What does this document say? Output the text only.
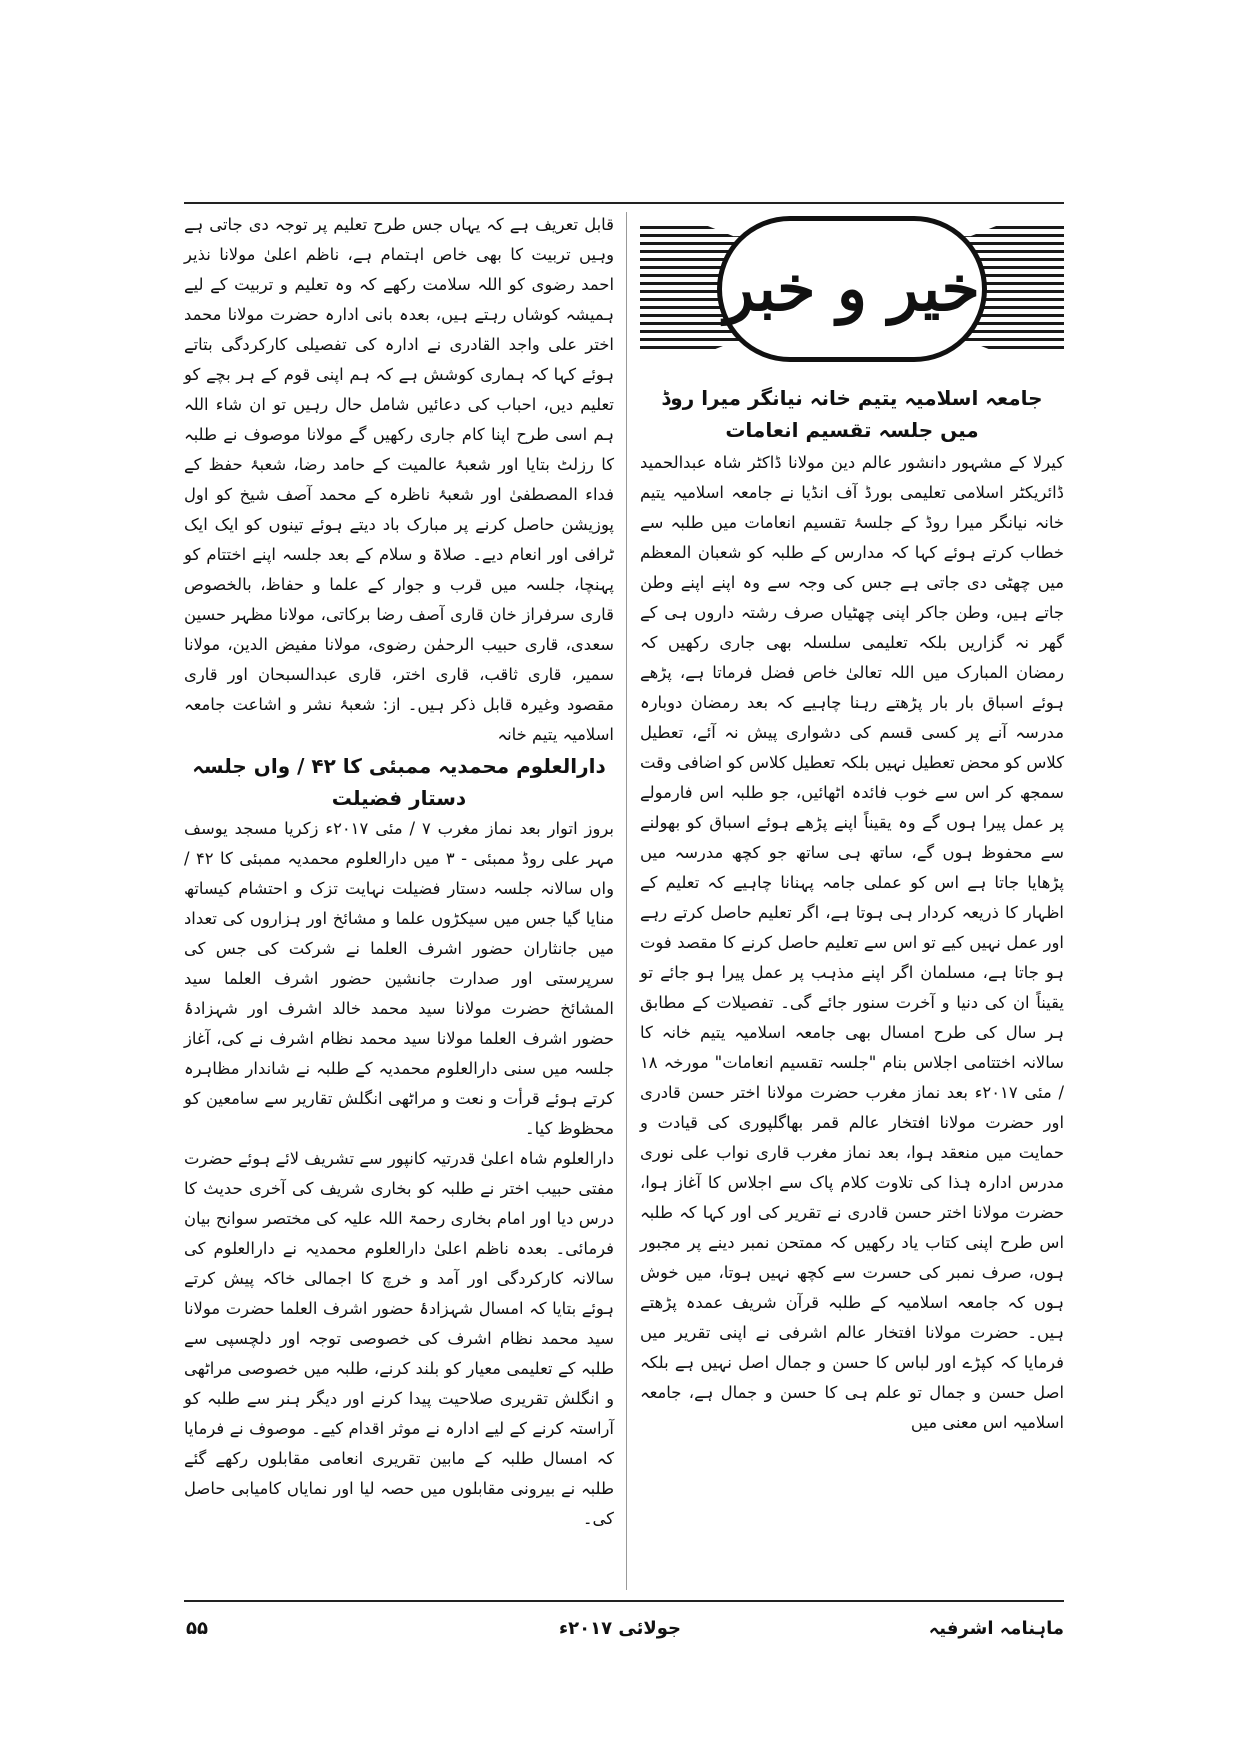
خیر و خبر
جامعہ اسلامیہ یتیم خانہ نیانگر میرا روڈ میں جلسہ تقسیم انعامات

کیرلا کے مشہور دانشور عالم دین مولانا ڈاکٹر شاہ عبدالحمید ڈائریکٹر اسلامی تعلیمی بورڈ آف انڈیا نے جامعہ اسلامیہ یتیم خانہ نیانگر میرا روڈ کے جلسۂ تقسیم انعامات میں طلبہ سے خطاب کرتے ہوئے کہا کہ مدارس کے طلبہ کو شعبان المعظم میں چھٹی دی جاتی ہے جس کی وجہ سے وہ اپنے اپنے وطن جاتے ہیں، وطن جاکر اپنی چھٹیاں صرف رشتہ داروں ہی کے گھر نہ گزاریں بلکہ تعلیمی سلسلہ بھی جاری رکھیں کہ رمضان المبارک میں اللہ تعالیٰ خاص فضل فرماتا ہے، پڑھے ہوئے اسباق بار بار پڑھتے رہنا چاہیے کہ بعد رمضان دوبارہ مدرسہ آنے پر کسی قسم کی دشواری پیش نہ آئے، تعطیل کلاس کو محض تعطیل نہیں بلکہ تعطیل کلاس کو اضافی وقت سمجھ کر اس سے خوب فائدہ اٹھائیں، جو طلبہ اس فارمولے پر عمل پیرا ہوں گے وہ یقیناً اپنے پڑھے ہوئے اسباق کو بھولنے سے محفوظ ہوں گے، ساتھ ہی ساتھ جو کچھ مدرسہ میں پڑھایا جاتا ہے اس کو عملی جامہ پہنانا چاہیے کہ تعلیم کے اظہار کا ذریعہ کردار ہی ہوتا ہے، اگر تعلیم حاصل کرتے رہے اور عمل نہیں کیے تو اس سے تعلیم حاصل کرنے کا مقصد فوت ہو جاتا ہے، مسلمان اگر اپنے مذہب پر عمل پیرا ہو جائے تو یقیناً ان کی دنیا و آخرت سنور جائے گی۔ تفصیلات کے مطابق ہر سال کی طرح امسال بھی جامعہ اسلامیہ یتیم خانہ کا سالانہ اختتامی اجلاس بنام "جلسہ تقسیم انعامات" مورخہ ۱۸ / مئی ۲۰۱۷ء بعد نماز مغرب حضرت مولانا اختر حسن قادری اور حضرت مولانا افتخار عالم قمر بھاگلپوری کی قیادت و حمایت میں منعقد ہوا، بعد نماز مغرب قاری نواب علی نوری مدرس ادارہ ہٰذا کی تلاوت کلام پاک سے اجلاس کا آغاز ہوا، حضرت مولانا اختر حسن قادری نے تقریر کی اور کہا کہ طلبہ اس طرح اپنی کتاب یاد رکھیں کہ ممتحن نمبر دینے پر مجبور ہوں، صرف نمبر کی حسرت سے کچھ نہیں ہوتا، میں خوش ہوں کہ جامعہ اسلامیہ کے طلبہ قرآن شریف عمدہ پڑھتے ہیں۔ حضرت مولانا افتخار عالم اشرفی نے اپنی تقریر میں فرمایا کہ کپڑے اور لباس کا حسن و جمال اصل نہیں ہے بلکہ اصل حسن و جمال تو علم ہی کا حسن و جمال ہے، جامعہ اسلامیہ اس معنی میں

قابل تعریف ہے کہ یہاں جس طرح تعلیم پر توجہ دی جاتی ہے وہیں تربیت کا بھی خاص اہتمام ہے، ناظم اعلیٰ مولانا نذیر احمد رضوی کو اللہ سلامت رکھے کہ وہ تعلیم و تربیت کے لیے ہمیشہ کوشاں رہتے ہیں، بعدہ بانی ادارہ حضرت مولانا محمد اختر علی واجد القادری نے ادارہ کی تفصیلی کارکردگی بتاتے ہوئے کہا کہ ہماری کوشش ہے کہ ہم اپنی قوم کے ہر بچے کو تعلیم دیں، احباب کی دعائیں شامل حال رہیں تو ان شاء اللہ ہم اسی طرح اپنا کام جاری رکھیں گے مولانا موصوف نے طلبہ کا رزلٹ بتایا اور شعبۂ عالمیت کے حامد رضا، شعبۂ حفظ کے فداء المصطفیٰ اور شعبۂ ناظرہ کے محمد آصف شیخ کو اول پوزیشن حاصل کرنے پر مبارک باد دیتے ہوئے تینوں کو ایک ایک ٹرافی اور انعام دیے۔ صلاۃ و سلام کے بعد جلسہ اپنے اختتام کو پہنچا، جلسہ میں قرب و جوار کے علما و حفاظ، بالخصوص قاری سرفراز خان قاری آصف رضا برکاتی، مولانا مظہر حسین سعدی، قاری حبیب الرحمٰن رضوی، مولانا مفیض الدین، مولانا سمیر، قاری ثاقب، قاری اختر، قاری عبدالسبحان اور قاری مقصود وغیرہ قابل ذکر ہیں۔ از: شعبۂ نشر و اشاعت جامعہ اسلامیہ یتیم خانہ

دارالعلوم محمدیہ ممبئی کا ۴۲ / واں جلسہ دستار فضیلت

بروز اتوار بعد نماز مغرب ۷ / مئی ۲۰۱۷ء زکریا مسجد یوسف مہر علی روڈ ممبئی - ۳ میں دارالعلوم محمدیہ ممبئی کا ۴۲ / واں سالانہ جلسہ دستار فضیلت نہایت تزک و احتشام کیساتھ منایا گیا جس میں سیکڑوں علما و مشائخ اور ہزاروں کی تعداد میں جانثاران حضور اشرف العلما نے شرکت کی جس کی سرپرستی اور صدارت جانشین حضور اشرف العلما سید المشائخ حضرت مولانا سید محمد خالد اشرف اور شہزادۂ حضور اشرف العلما مولانا سید محمد نظام اشرف نے کی، آغاز جلسہ میں سنی دارالعلوم محمدیہ کے طلبہ نے شاندار مظاہرہ کرتے ہوئے قرأت و نعت و مراٹھی انگلش تقاریر سے سامعین کو محظوظ کیا۔

دارالعلوم شاہ اعلیٰ قدرتیہ کانپور سے تشریف لائے ہوئے حضرت مفتی حبیب اختر نے طلبہ کو بخاری شریف کی آخری حدیث کا درس دیا اور امام بخاری رحمۃ اللہ علیہ کی مختصر سوانح بیان فرمائی۔ بعدہ ناظم اعلیٰ دارالعلوم محمدیہ نے دارالعلوم کی سالانہ کارکردگی اور آمد و خرچ کا اجمالی خاکہ پیش کرتے ہوئے بتایا کہ امسال شہزادۂ حضور اشرف العلما حضرت مولانا سید محمد نظام اشرف کی خصوصی توجہ اور دلچسپی سے طلبہ کے تعلیمی معیار کو بلند کرنے، طلبہ میں خصوصی مراٹھی و انگلش تقریری صلاحیت پیدا کرنے اور دیگر ہنر سے طلبہ کو آراستہ کرنے کے لیے ادارہ نے موثر اقدام کیے۔ موصوف نے فرمایا کہ امسال طلبہ کے مابین تقریری انعامی مقابلوں رکھے گئے طلبہ نے بیرونی مقابلوں میں حصہ لیا اور نمایاں کامیابی حاصل کی۔

ماہنامہ اشرفیہ
جولائی ۲۰۱۷ء
۵۵
